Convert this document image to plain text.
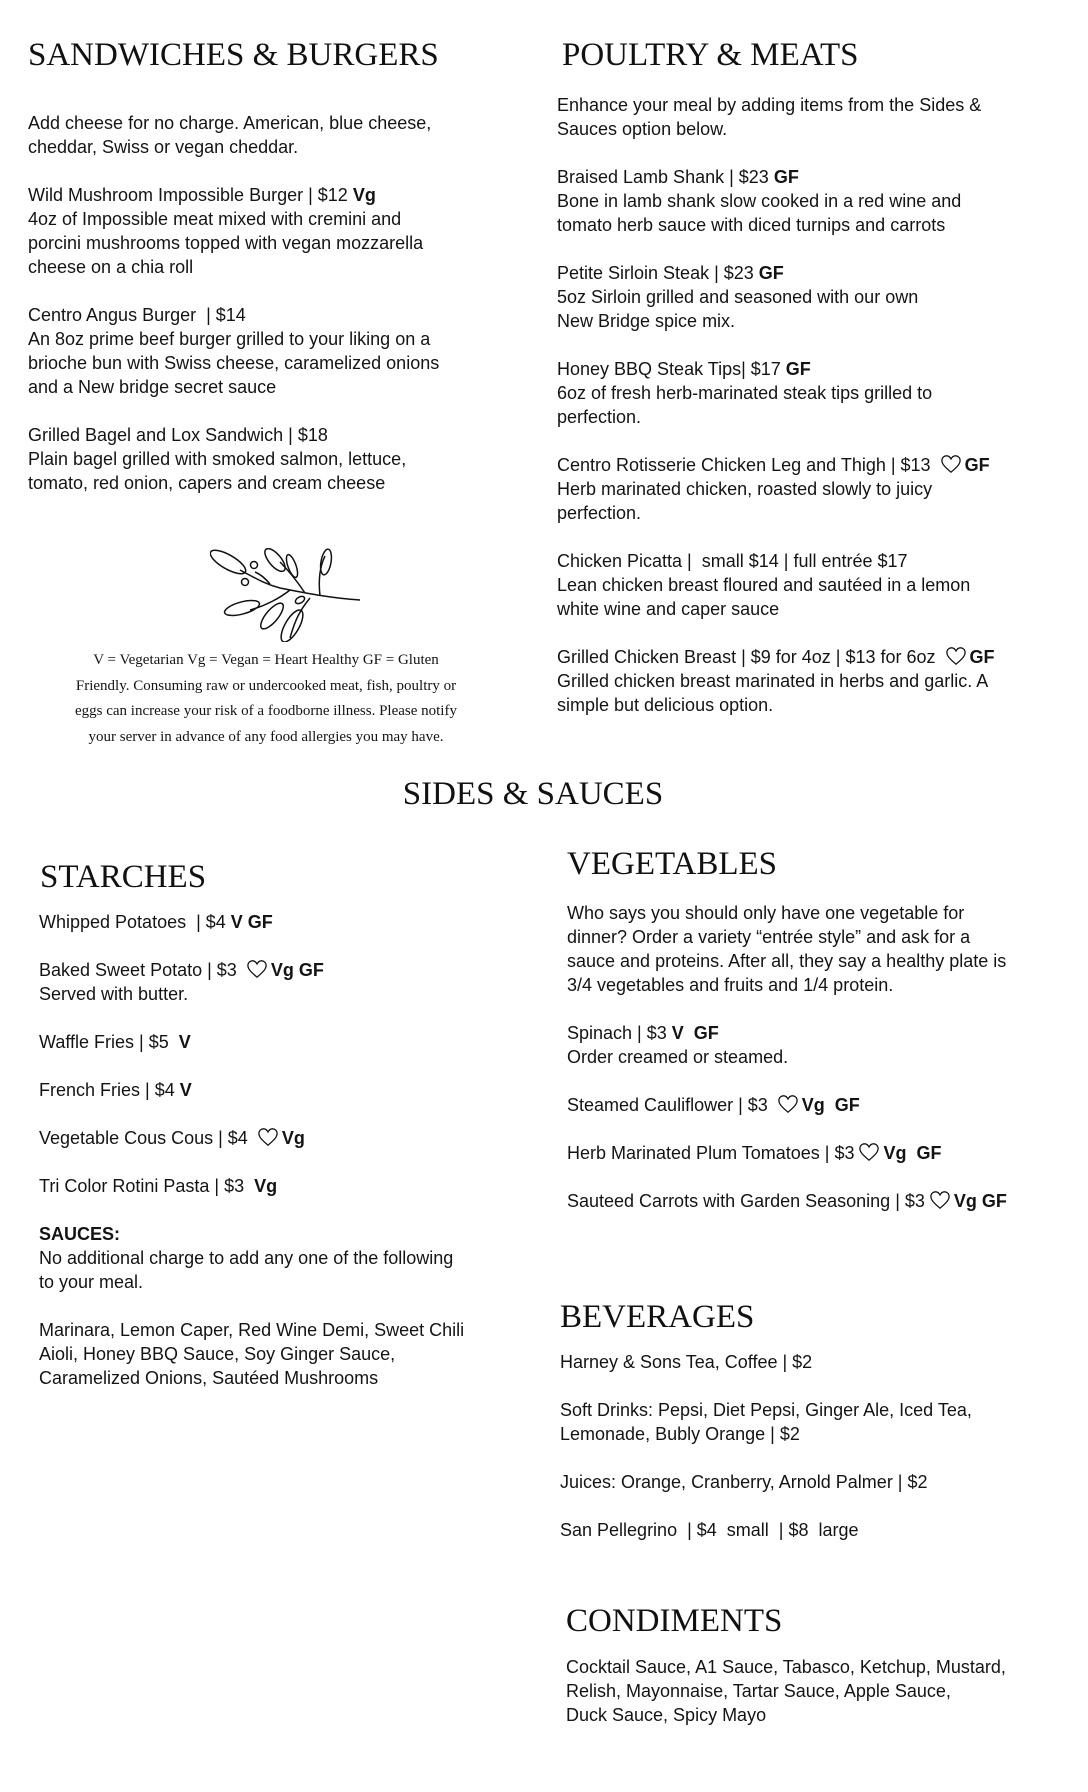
SANDWICHES & BURGERS
Add cheese for no charge. American, blue cheese,
cheddar, Swiss or vegan cheddar.
Wild Mushroom Impossible Burger | $12 Vg
4oz of Impossible meat mixed with cremini and
porcini mushrooms topped with vegan mozzarella
cheese on a chia roll
Centro Angus Burger  | $14
An 8oz prime beef burger grilled to your liking on a
brioche bun with Swiss cheese, caramelized onions
and a New bridge secret sauce
Grilled Bagel and Lox Sandwich | $18
Plain bagel grilled with smoked salmon, lettuce,
tomato, red onion, capers and cream cheese
V = Vegetarian Vg = Vegan = Heart Healthy GF = Gluten
Friendly. Consuming raw or undercooked meat, fish, poultry or
eggs can increase your risk of a foodborne illness. Please notify
your server in advance of any food allergies you may have.
POULTRY & MEATS
Enhance your meal by adding items from the Sides &
Sauces option below.
Braised Lamb Shank | $23 GF
Bone in lamb shank slow cooked in a red wine and
tomato herb sauce with diced turnips and carrots
Petite Sirloin Steak | $23 GF
5oz Sirloin grilled and seasoned with our own
New Bridge spice mix.
Honey BBQ Steak Tips| $17 GF
6oz of fresh herb-marinated steak tips grilled to
perfection.
Centro Rotisserie Chicken Leg and Thigh | $13 GF
Herb marinated chicken, roasted slowly to juicy
perfection.
Chicken Picatta |  small $14 | full entrée $17
Lean chicken breast floured and sautéed in a lemon
white wine and caper sauce
Grilled Chicken Breast | $9 for 4oz | $13 for 6oz GF
Grilled chicken breast marinated in herbs and garlic. A
simple but delicious option.
SIDES & SAUCES
STARCHES
Whipped Potatoes  | $4 V GF
Baked Sweet Potato | $3 Vg GF
Served with butter.
Waffle Fries | $5  V
French Fries | $4 V
Vegetable Cous Cous | $4 Vg
Tri Color Rotini Pasta | $3  Vg
SAUCES:
No additional charge to add any one of the following
to your meal.
Marinara, Lemon Caper, Red Wine Demi, Sweet Chili
Aioli, Honey BBQ Sauce, Soy Ginger Sauce,
Caramelized Onions, Sautéed Mushrooms
VEGETABLES
Who says you should only have one vegetable for
dinner? Order a variety “entrée style” and ask for a
sauce and proteins. After all, they say a healthy plate is
3/4 vegetables and fruits and 1/4 protein.
Spinach | $3 V  GF
Order creamed or steamed.
Steamed Cauliflower | $3 Vg  GF
Herb Marinated Plum Tomatoes | $3 Vg  GF
Sauteed Carrots with Garden Seasoning | $3 Vg GF
BEVERAGES
Harney & Sons Tea, Coffee | $2
Soft Drinks: Pepsi, Diet Pepsi, Ginger Ale, Iced Tea,
Lemonade, Bubly Orange | $2
Juices: Orange, Cranberry, Arnold Palmer | $2
San Pellegrino  | $4  small  | $8  large
CONDIMENTS
Cocktail Sauce, A1 Sauce, Tabasco, Ketchup, Mustard,
Relish, Mayonnaise, Tartar Sauce, Apple Sauce,
Duck Sauce, Spicy Mayo
